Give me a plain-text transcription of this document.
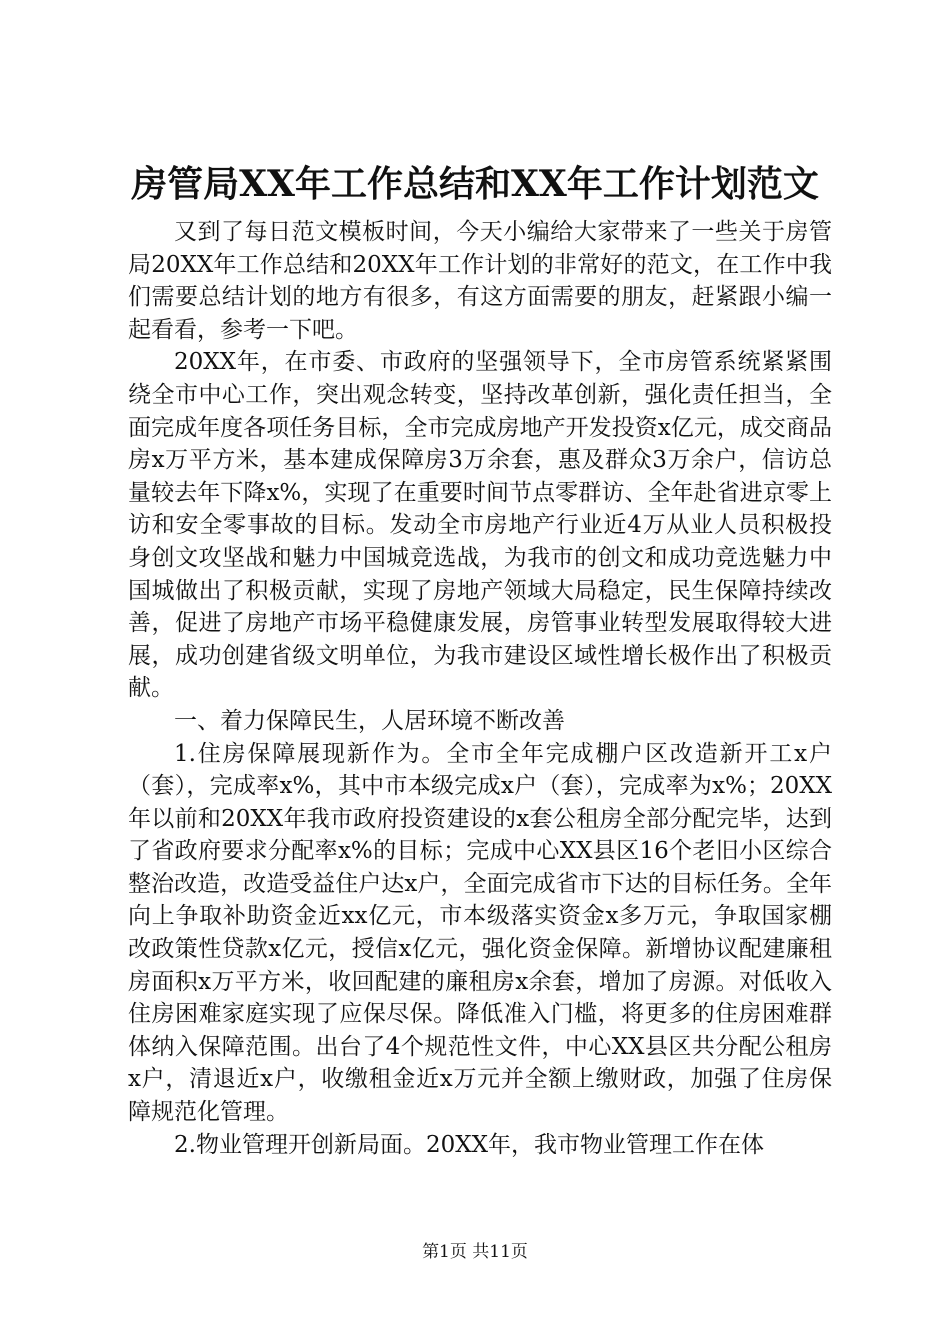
房管局XX年工作总结和XX年工作计划范文

又到了每日范文模板时间，今天小编给大家带来了一些关于房管局20XX年工作总结和20XX年工作计划的非常好的范文，在工作中我们需要总结计划的地方有很多，有这方面需要的朋友，赶紧跟小编一起看看，参考一下吧。

20XX年，在市委、市政府的坚强领导下，全市房管系统紧紧围绕全市中心工作，突出观念转变，坚持改革创新，强化责任担当，全面完成年度各项任务目标，全市完成房地产开发投资x亿元，成交商品房x万平方米，基本建成保障房3万余套，惠及群众3万余户，信访总量较去年下降x%，实现了在重要时间节点零群访、全年赴省进京零上访和安全零事故的目标。发动全市房地产行业近4万从业人员积极投身创文攻坚战和魅力中国城竞选战，为我市的创文和成功竞选魅力中国城做出了积极贡献，实现了房地产领域大局稳定，民生保障持续改善，促进了房地产市场平稳健康发展，房管事业转型发展取得较大进展，成功创建省级文明单位，为我市建设区域性增长极作出了积极贡献。

一、着力保障民生，人居环境不断改善

1.住房保障展现新作为。全市全年完成棚户区改造新开工x户（套），完成率x%，其中市本级完成x户（套），完成率为x%；20XX年以前和20XX年我市政府投资建设的x套公租房全部分配完毕，达到了省政府要求分配率x%的目标；完成中心XX县区16个老旧小区综合整治改造，改造受益住户达x户，全面完成省市下达的目标任务。全年向上争取补助资金近xx亿元，市本级落实资金x多万元，争取国家棚改政策性贷款x亿元，授信x亿元，强化资金保障。新增协议配建廉租房面积x万平方米，收回配建的廉租房x余套，增加了房源。对低收入住房困难家庭实现了应保尽保。降低准入门槛，将更多的住房困难群体纳入保障范围。出台了4个规范性文件，中心XX县区共分配公租房x户，清退近x户，收缴租金近x万元并全额上缴财政，加强了住房保障规范化管理。

2.物业管理开创新局面。20XX年，我市物业管理工作在体

第1页 共11页
